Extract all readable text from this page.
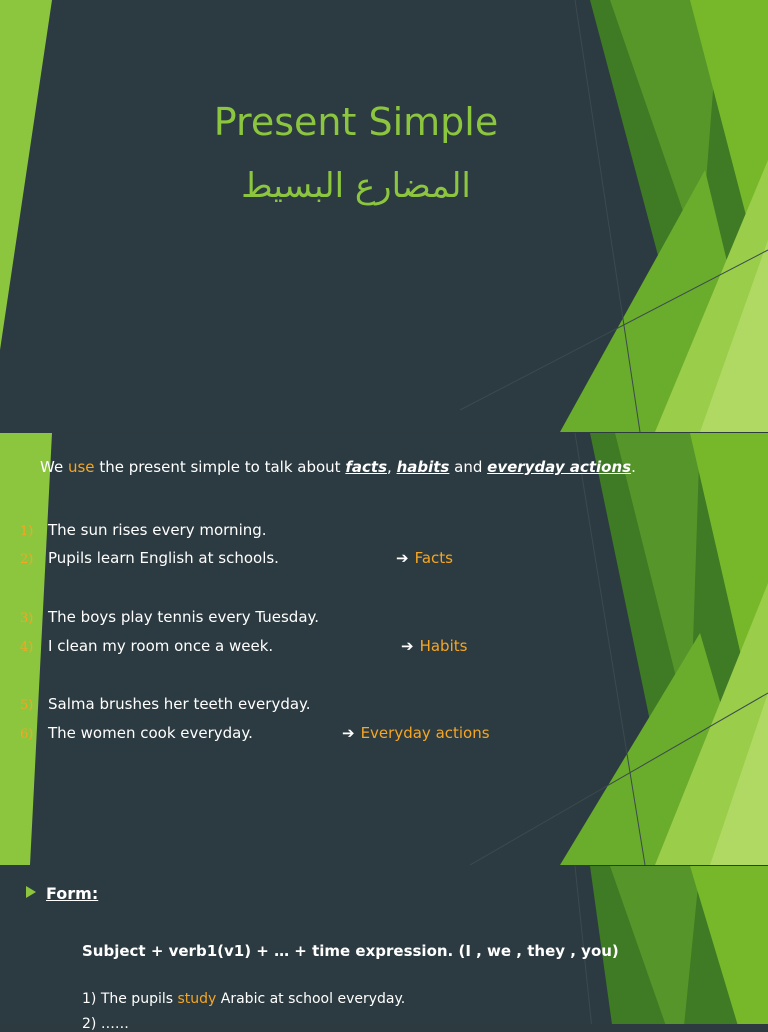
Present Simple
المضارع البسيط
We use the present simple to talk about facts, habits and everyday actions.
1) The sun rises every morning.
2) Pupils learn English at schools.	➔ Facts
3) The boys play tennis every Tuesday.
4) I clean my room once a week.	➔ Habits
5) Salma brushes her teeth everyday.
6) The women cook everyday.	➔ Everyday actions
Form:
Subject + verb1(v1) + … + time expression. (I , we , they , you)
1) The pupils study Arabic at school everyday.
2) ……
